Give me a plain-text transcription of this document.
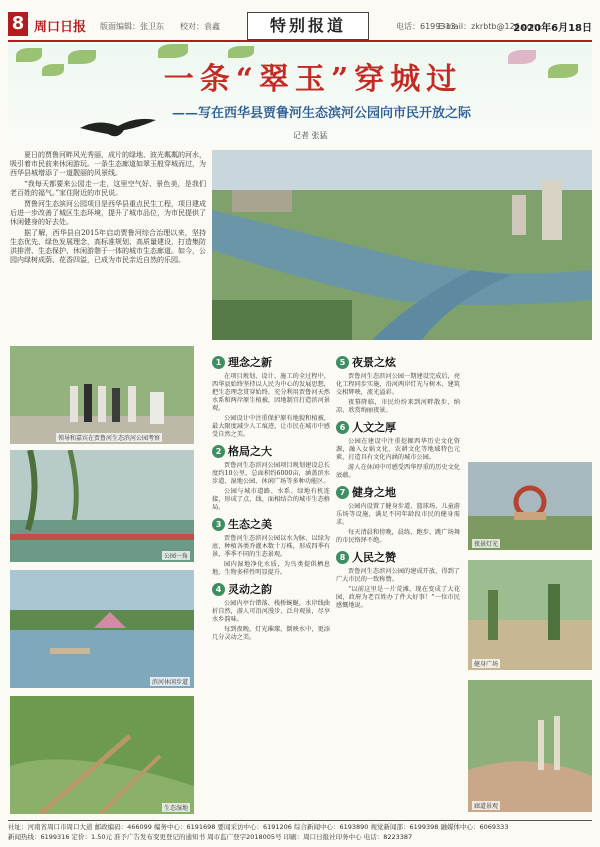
8 周口日报 版面编辑：张卫东 校对：袁鑫	特别报道	电话：6199313
E-mail：zkrbtb@126.com
2020年6月18日
一条“翠玉”穿城过
——写在西华县贾鲁河生态滨河公园向市民开放之际
记者 张猛

夏日的贾鲁河畔风光秀丽，成片的绿地、波光粼粼的河水，吸引着市民前来休闲游玩。一条生态廊道如翠玉般穿城而过，为西华县城增添了一道靓丽的风景线。

“我每天都要来公园走一走，这里空气好、景色美，是我们老百姓的福气。”家住附近的市民说。

贾鲁河生态滨河公园项目是西华县重点民生工程，项目建成后进一步改善了城区生态环境，提升了城市品位，为市民提供了休闲健身的好去处。

据了解，西华县自2015年启动贾鲁河综合治理以来，坚持生态优先、绿色发展理念，高标准规划、高质量建设，打造集防洪排涝、生态保护、休闲游憩于一体的城市生态廊道。如今，公园内绿树成荫、花香四溢，已成为市民亲近自然的乐园。

领导和嘉宾在贾鲁河生态滨河公园考察
公园一角
滨河休闲步道
生态湿地
1 理念之新

在项目规划、设计、施工的全过程中，西华县始终坚持以人民为中心的发展思想，把生态理念贯穿始终，充分利用贾鲁河天然水系和两岸原生植被，因地制宜打造滨河景观。

公园设计中注重保护原有地貌和植被，最大限度减少人工痕迹，让市民在城市中感受自然之美。

2 格局之大

贾鲁河生态滨河公园项目规划建设总长度约10公里，总面积约6000亩，涵盖滨水步道、湿地公园、休闲广场等多种功能区。

公园与城市道路、水系、绿地有机连接，形成了点、线、面相结合的城市生态格局。

3 生态之美

贾鲁河生态滨河公园以水为脉、以绿为底，种植各类乔灌木数十万株，形成四季有景、季季不同的生态景观。

园内湿地净化水质，为鸟类提供栖息地，生物多样性明显提升。

4 灵动之韵

公园内亭台错落、栈桥蜿蜒，水岸线曲折自然，游人可沿河漫步、泛舟观景，尽享水乡韵味。

每到夜晚，灯光璀璨，倒映水中，更添几分灵动之美。

5 夜景之炫

贾鲁河生态滨河公园一期建设完成后，亮化工程同步实施，沿河两岸灯光与树木、建筑交相辉映，流光溢彩。

夜幕降临，市民纷纷来到河畔散步、纳凉，欣赏绚丽夜景。

6 人文之厚

公园在建设中注重挖掘西华历史文化资源，融入女娲文化、农耕文化等地域特色元素，打造具有文化内涵的城市公园。

游人在休闲中可感受西华厚重的历史文化底蕴。

7 健身之地

公园内设置了健身步道、篮球场、儿童游乐场等设施，满足不同年龄段市民的健身需求。

每天清晨和傍晚，晨练、跑步、跳广场舞的市民络绎不绝。

8 人民之赞

贾鲁河生态滨河公园的建成开放，得到了广大市民的一致称赞。

“以前这里是一片荒滩，现在变成了大花园，政府为老百姓办了件大好事！”一位市民感慨地说。

夜景灯光
健身广场
廊道景观
社址：河南省周口市周口大道 邮政编码：466099 编务中心：6191698 要闻采访中心：6191206 综合新闻中心：6193890 视觉新闻部：6199398 融媒体中心：6069333
新闻热线：6199316 定价：1.50元 准予广告发布变更登记的通知书 周市监广登字2018005号 印刷：周口日报社印务中心 电话：8223387
